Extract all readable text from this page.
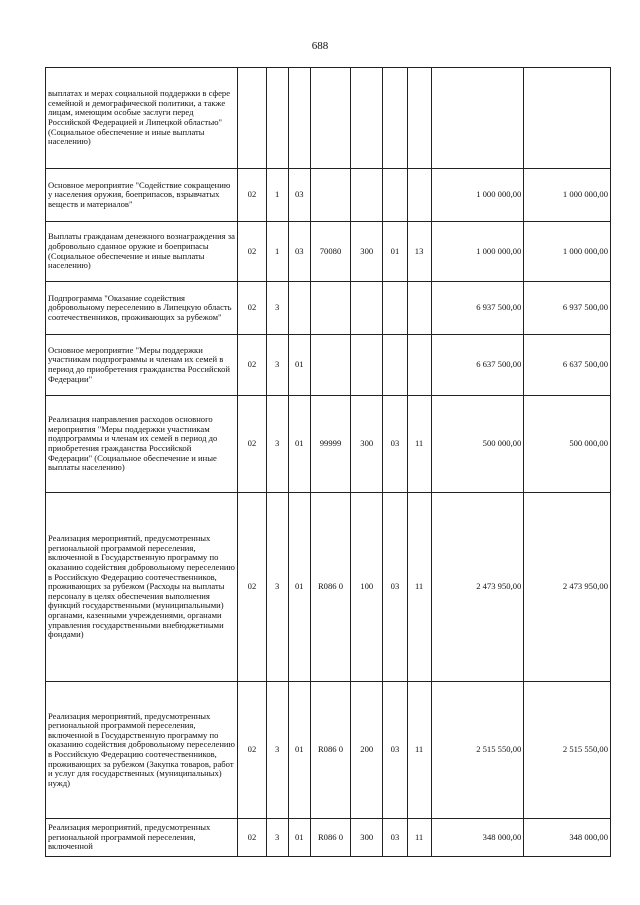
688
выплатах и мерах социальной поддержки в сфере семейной и демографической политики, а также лицам, имеющим особые заслуги перед Российской Федерацией и Липецкой областью" (Социальное обеспечение и иные выплаты населению)									
Основное мероприятие "Содействие сокращению у населения оружия, боеприпасов, взрывчатых веществ и материалов"	02	1	03					1 000 000,00	1 000 000,00
Выплаты гражданам денежного вознаграждения за добровольно сданное оружие и боеприпасы (Социальное обеспечение и иные выплаты населению)	02	1	03	70080	300	01	13	1 000 000,00	1 000 000,00
Подпрограмма "Оказание содействия добровольному переселению в Липецкую область соотечественников, проживающих за рубежом"	02	3						6 937 500,00	6 937 500,00
Основное мероприятие "Меры поддержки участникам подпрограммы и членам их семей в период до приобретения гражданства Российской Федерации"	02	3	01					6 637 500,00	6 637 500,00
Реализация направления расходов основного мероприятия "Меры поддержки участникам подпрограммы и членам их семей в период до приобретения гражданства Российской Федерации" (Социальное обеспечение и иные выплаты населению)	02	3	01	99999	300	03	11	500 000,00	500 000,00
Реализация мероприятий, предусмотренных региональной программой переселения, включенной в Государственную программу по оказанию содействия добровольному переселению в Российскую Федерацию соотечественников, проживающих за рубежом (Расходы на выплаты персоналу в целях обеспечения выполнения функций государственными (муниципальными) органами, казенными учреждениями, органами управления государственными внебюджетными фондами)	02	3	01	R086 0	100	03	11	2 473 950,00	2 473 950,00
Реализация мероприятий, предусмотренных региональной программой переселения, включенной в Государственную программу по оказанию содействия добровольному переселению в Российскую Федерацию соотечественников, проживающих за рубежом (Закупка товаров, работ и услуг для государственных (муниципальных) нужд)	02	3	01	R086 0	200	03	11	2 515 550,00	2 515 550,00
Реализация мероприятий, предусмотренных региональной программой переселения, включенной	02	3	01	R086 0	300	03	11	348 000,00	348 000,00
